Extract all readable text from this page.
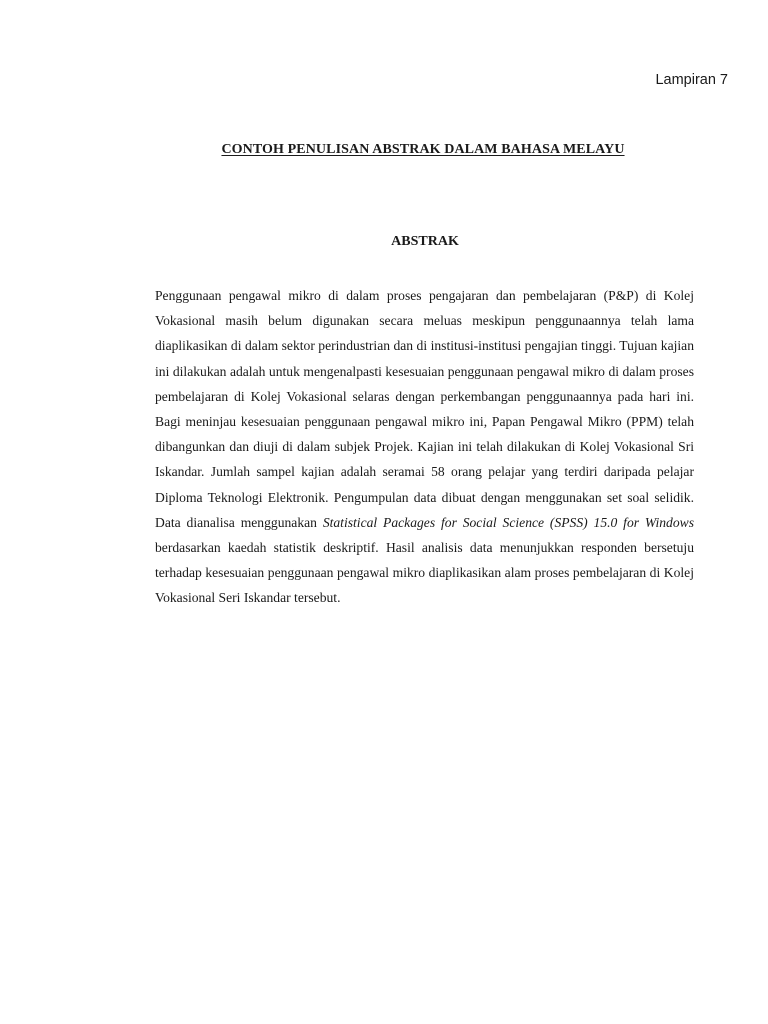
Lampiran 7
CONTOH PENULISAN ABSTRAK DALAM BAHASA MELAYU
ABSTRAK

Penggunaan pengawal mikro di dalam proses pengajaran dan pembelajaran (P&P) di Kolej Vokasional masih belum digunakan secara meluas meskipun penggunaannya telah lama diaplikasikan di dalam sektor perindustrian dan di institusi-institusi pengajian tinggi. Tujuan kajian ini dilakukan adalah untuk mengenalpasti kesesuaian penggunaan pengawal mikro di dalam proses pembelajaran di Kolej Vokasional selaras dengan perkembangan penggunaannya pada hari ini. Bagi meninjau kesesuaian penggunaan pengawal mikro ini, Papan Pengawal Mikro (PPM) telah dibangunkan dan diuji di dalam subjek Projek. Kajian ini telah dilakukan di Kolej Vokasional Sri Iskandar. Jumlah sampel kajian adalah seramai 58 orang pelajar yang terdiri daripada pelajar Diploma Teknologi Elektronik. Pengumpulan data dibuat dengan menggunakan set soal selidik. Data dianalisa menggunakan Statistical Packages for Social Science (SPSS) 15.0 for Windows berdasarkan kaedah statistik deskriptif. Hasil analisis data menunjukkan responden bersetuju terhadap kesesuaian penggunaan pengawal mikro diaplikasikan alam proses pembelajaran di Kolej Vokasional Seri Iskandar tersebut.
